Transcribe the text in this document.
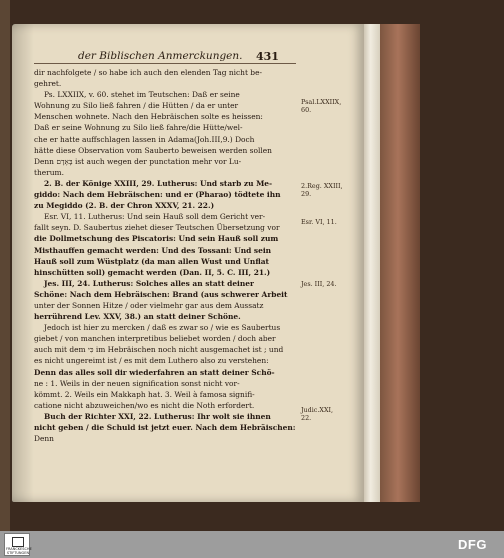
der Biblischen Anmerckungen.	431
dir nachfolgete / so habe ich auch den elenden Tag nicht be-
gehret.
Ps. LXXIIX, v. 60. stehet im Teutschen: Daß er seine
Wohnung zu Silo ließ fahren / die Hütten / da er unter
Menschen wohnete. Nach den Hebräischen solte es heissen:
Daß er seine Wohnung zu Silo ließ fahre/die Hütte/wel-
che er hatte auffschlagen lassen in Adama(Joh.III,9.) Doch
hätte diese Observation vom Sauberto beweisen werden sollen
Denn בָּאָדָם ist auch wegen der punctation mehr vor Lu-
therum.
2. B. der Könige XXIII, 29. Lutherus: Und starb zu Me-
giddo: Nach dem Hebräischen: und er (Pharao) tödtete ihn
zu Megiddo (2. B. der Chron XXXV, 21. 22.)
Esr. VI, 11. Lutherus: Und sein Hauß soll dem Gericht ver-
fallt seyn. D. Saubertus ziehet dieser Teutschen Übersetzung vor
die Dollmetschung des Piscatoris: Und sein Hauß soll zum
Misthauffen gemacht werden: Und des Tossani: Und sein
Hauß soll zum Wüstplatz (da man allen Wust und Unflat
hinschütten soll) gemacht werden (Dan. II, 5. C. III, 21.)
Jes. III, 24. Lutherus: Solches alles an statt deiner
Schöne: Nach dem Hebräischen: Brand (aus schwerer Arbeit
unter der Sonnen Hitze / oder vielmehr gar aus dem Aussatz
herrührend Lev. XXV, 38.) an statt deiner Schöne.
Jedoch ist hier zu mercken / daß es zwar so / wie es Saubertus
giebet / von manchen interpretibus beliebet worden / doch aber
auch mit dem כִּי im Hebräischen noch nicht ausgemachet ist ; und
es nicht ungereimt ist / es mit dem Luthero also zu verstehen:
Denn das alles soll dir wiederfahren an statt deiner Schö-
ne : 1. Weils in der neuen signification sonst nicht vor-
kömmt. 2. Weils ein Makkaph hat. 3. Weil à famosa signifi-
catione nicht abzuweichen/wo es nicht die Noth erfordert.
Buch der Richter XXI, 22. Lutherus: Ihr wolt sie ihnen
nicht geben / die Schuld ist jetzt euer. Nach dem Hebräischen:
Denn
Psal.LXXIIX,
60.
2.Reg. XXIII,
29.
Esr. VI, 11.
Jes. III, 24.
Judic.XXI,
22.
FRANCKESCHE STIFTUNGEN
DFG
